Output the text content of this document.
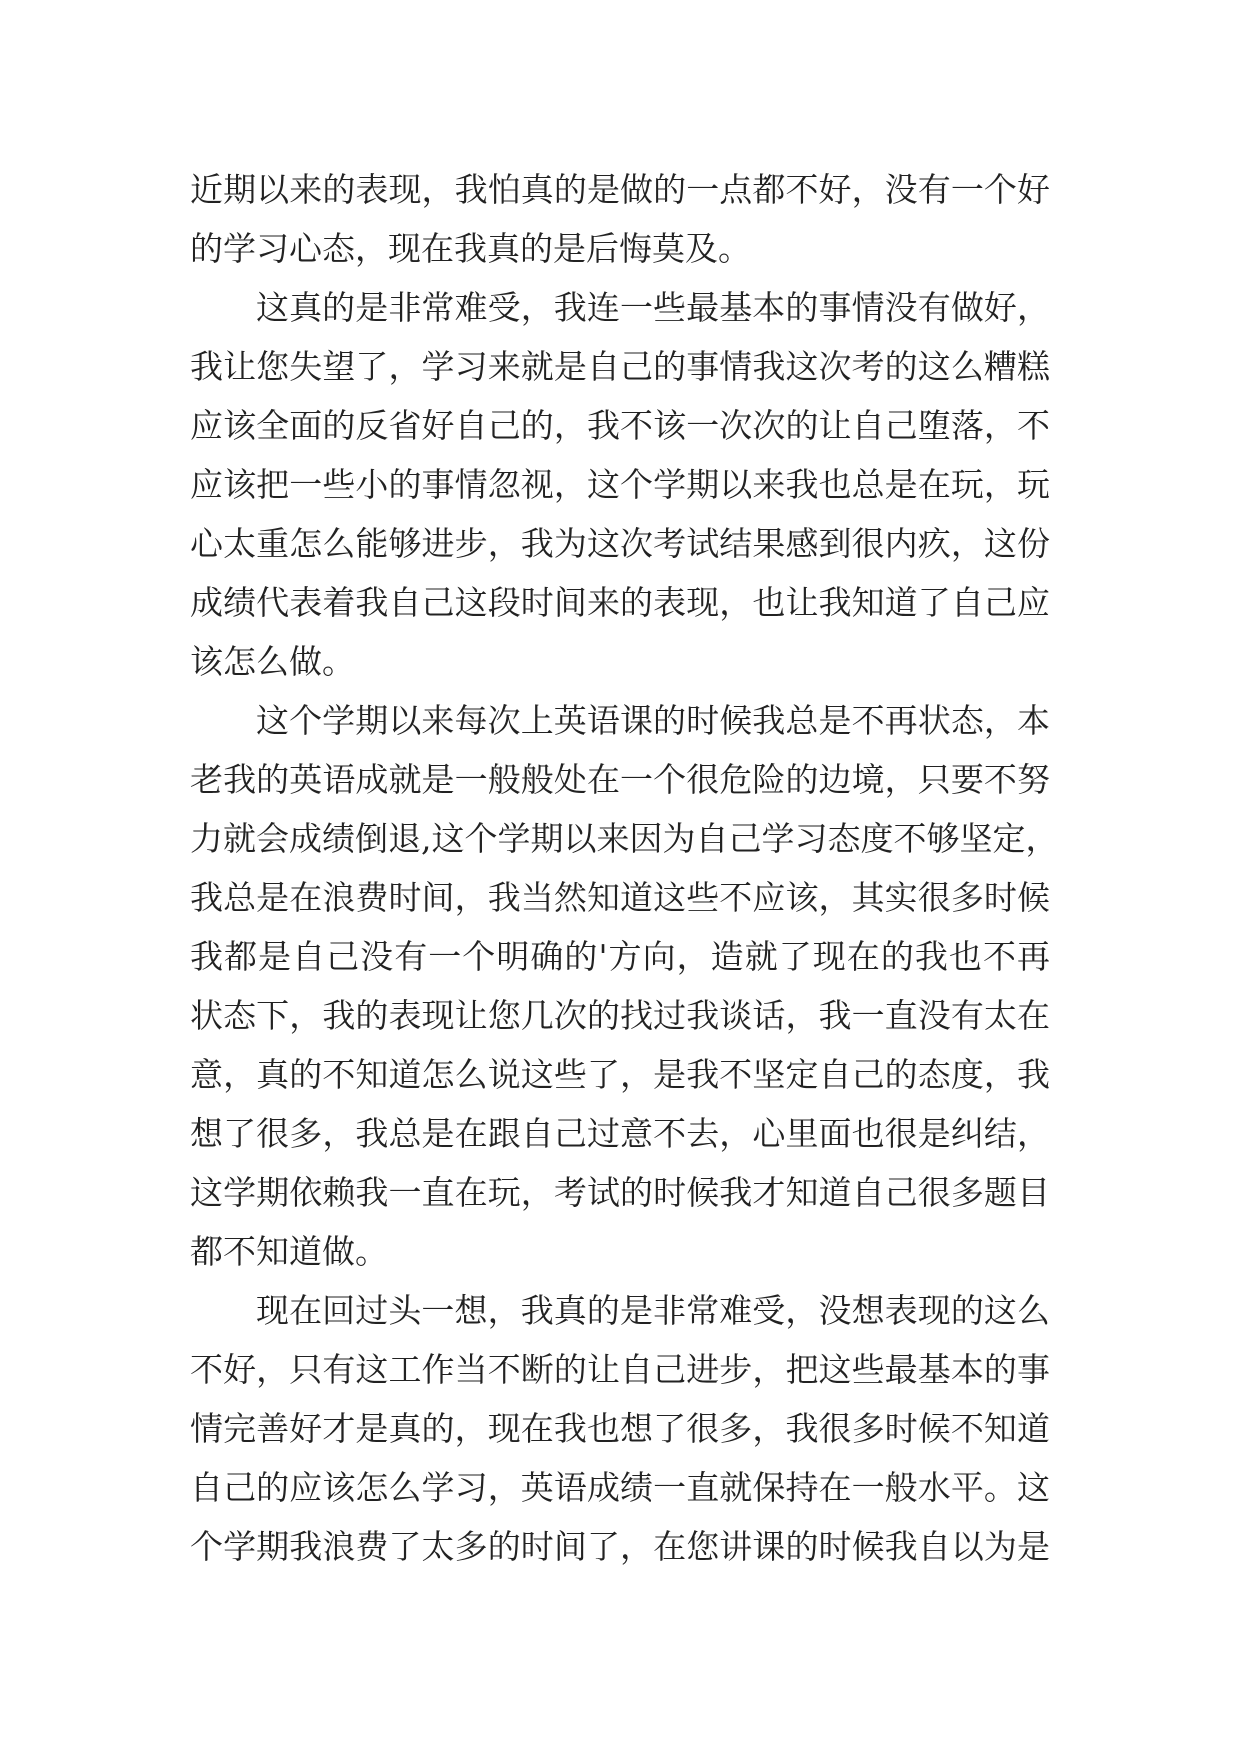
近期以来的表现，我怕真的是做的一点都不好，没有一个好
的学习心态，现在我真的是后悔莫及。
这真的是非常难受，我连一些最基本的事情没有做好，
我让您失望了，学习来就是自己的事情我这次考的这么糟糕
应该全面的反省好自己的，我不该一次次的让自己堕落，不
应该把一些小的事情忽视，这个学期以来我也总是在玩，玩
心太重怎么能够进步，我为这次考试结果感到很内疚，这份
成绩代表着我自己这段时间来的表现，也让我知道了自己应
该怎么做。
这个学期以来每次上英语课的时候我总是不再状态，本
老我的英语成就是一般般处在一个很危险的边境，只要不努
力就会成绩倒退,这个学期以来因为自己学习态度不够坚定，
我总是在浪费时间，我当然知道这些不应该，其实很多时候
我都是自己没有一个明确的'方向，造就了现在的我也不再
状态下，我的表现让您几次的找过我谈话，我一直没有太在
意，真的不知道怎么说这些了，是我不坚定自己的态度，我
想了很多，我总是在跟自己过意不去，心里面也很是纠结，
这学期依赖我一直在玩，考试的时候我才知道自己很多题目
都不知道做。
现在回过头一想，我真的是非常难受，没想表现的这么
不好，只有这工作当不断的让自己进步，把这些最基本的事
情完善好才是真的，现在我也想了很多，我很多时候不知道
自己的应该怎么学习，英语成绩一直就保持在一般水平。这
个学期我浪费了太多的时间了，在您讲课的时候我自以为是
